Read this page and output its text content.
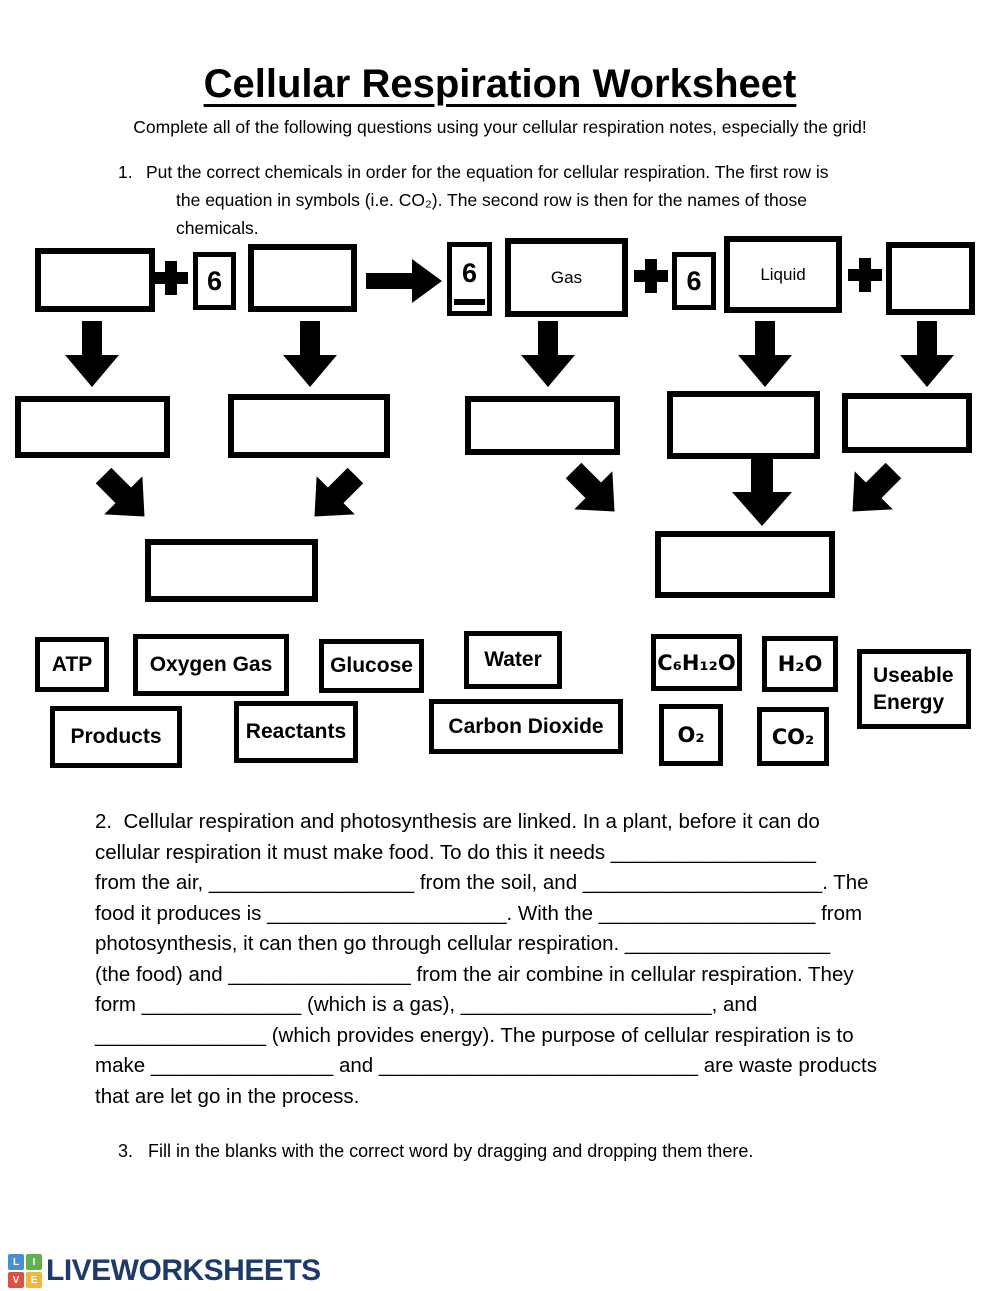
Cellular Respiration Worksheet
Complete all of the following questions using your cellular respiration notes, especially the grid!
1. Put the correct chemicals in order for the equation for cellular respiration. The first row is
the equation in symbols (i.e. CO₂). The second row is then for the names of those
chemicals.
6	6	Gas	6	Liquid
ATP	Oxygen Gas	Glucose	Water	C₆H₁₂O	H₂O	Useable Energy
Products	Reactants	Carbon Dioxide	O₂	CO₂
2.  Cellular respiration and photosynthesis are linked. In a plant, before it can do
cellular respiration it must make food. To do this it needs __________________
from the air, __________________ from the soil, and _____________________. The
food it produces is _____________________. With the ___________________ from
photosynthesis, it can then go through cellular respiration. __________________
(the food) and ________________ from the air combine in cellular respiration. They
form ______________ (which is a gas), ______________________, and
_______________ (which provides energy). The purpose of cellular respiration is to
make ________________ and ____________________________ are waste products
that are let go in the process.
3. Fill in the blanks with the correct word by dragging and dropping them there.
L	I
V	E LIVEWORKSHEETS
